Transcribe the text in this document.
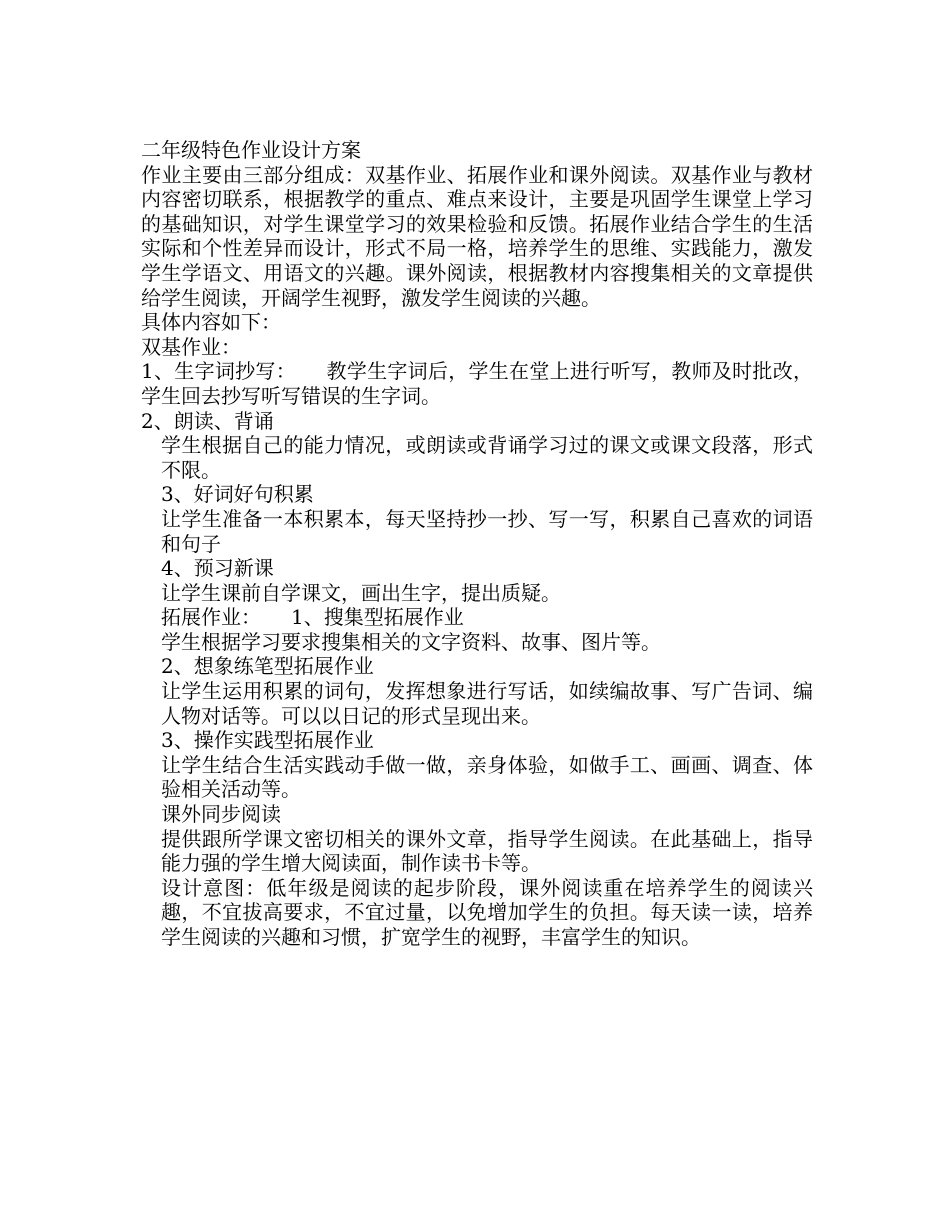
二年级特色作业设计方案

作业主要由三部分组成：双基作业、拓展作业和课外阅读。双基作业与教材内容密切联系，根据教学的重点、难点来设计，主要是巩固学生课堂上学习的基础知识，对学生课堂学习的效果检验和反馈。拓展作业结合学生的生活实际和个性差异而设计，形式不局一格，培养学生的思维、实践能力，激发学生学语文、用语文的兴趣。课外阅读，根据教材内容搜集相关的文章提供给学生阅读，开阔学生视野，激发学生阅读的兴趣。

具体内容如下：

双基作业：

1、生字词抄写：　　教学生字词后，学生在堂上进行听写，教师及时批改，学生回去抄写听写错误的生字词。

2、朗读、背诵

学生根据自己的能力情况，或朗读或背诵学习过的课文或课文段落，形式不限。

3、好词好句积累

让学生准备一本积累本，每天坚持抄一抄、写一写，积累自己喜欢的词语和句子

4、预习新课

让学生课前自学课文，画出生字，提出质疑。

拓展作业：　　1、搜集型拓展作业

学生根据学习要求搜集相关的文字资料、故事、图片等。

2、想象练笔型拓展作业

让学生运用积累的词句，发挥想象进行写话，如续编故事、写广告词、编人物对话等。可以以日记的形式呈现出来。

3、操作实践型拓展作业

让学生结合生活实践动手做一做，亲身体验，如做手工、画画、调查、体验相关活动等。

课外同步阅读

提供跟所学课文密切相关的课外文章，指导学生阅读。在此基础上，指导能力强的学生增大阅读面，制作读书卡等。

设计意图：低年级是阅读的起步阶段，课外阅读重在培养学生的阅读兴趣，不宜拔高要求，不宜过量，以免增加学生的负担。每天读一读，培养学生阅读的兴趣和习惯，扩宽学生的视野，丰富学生的知识。
